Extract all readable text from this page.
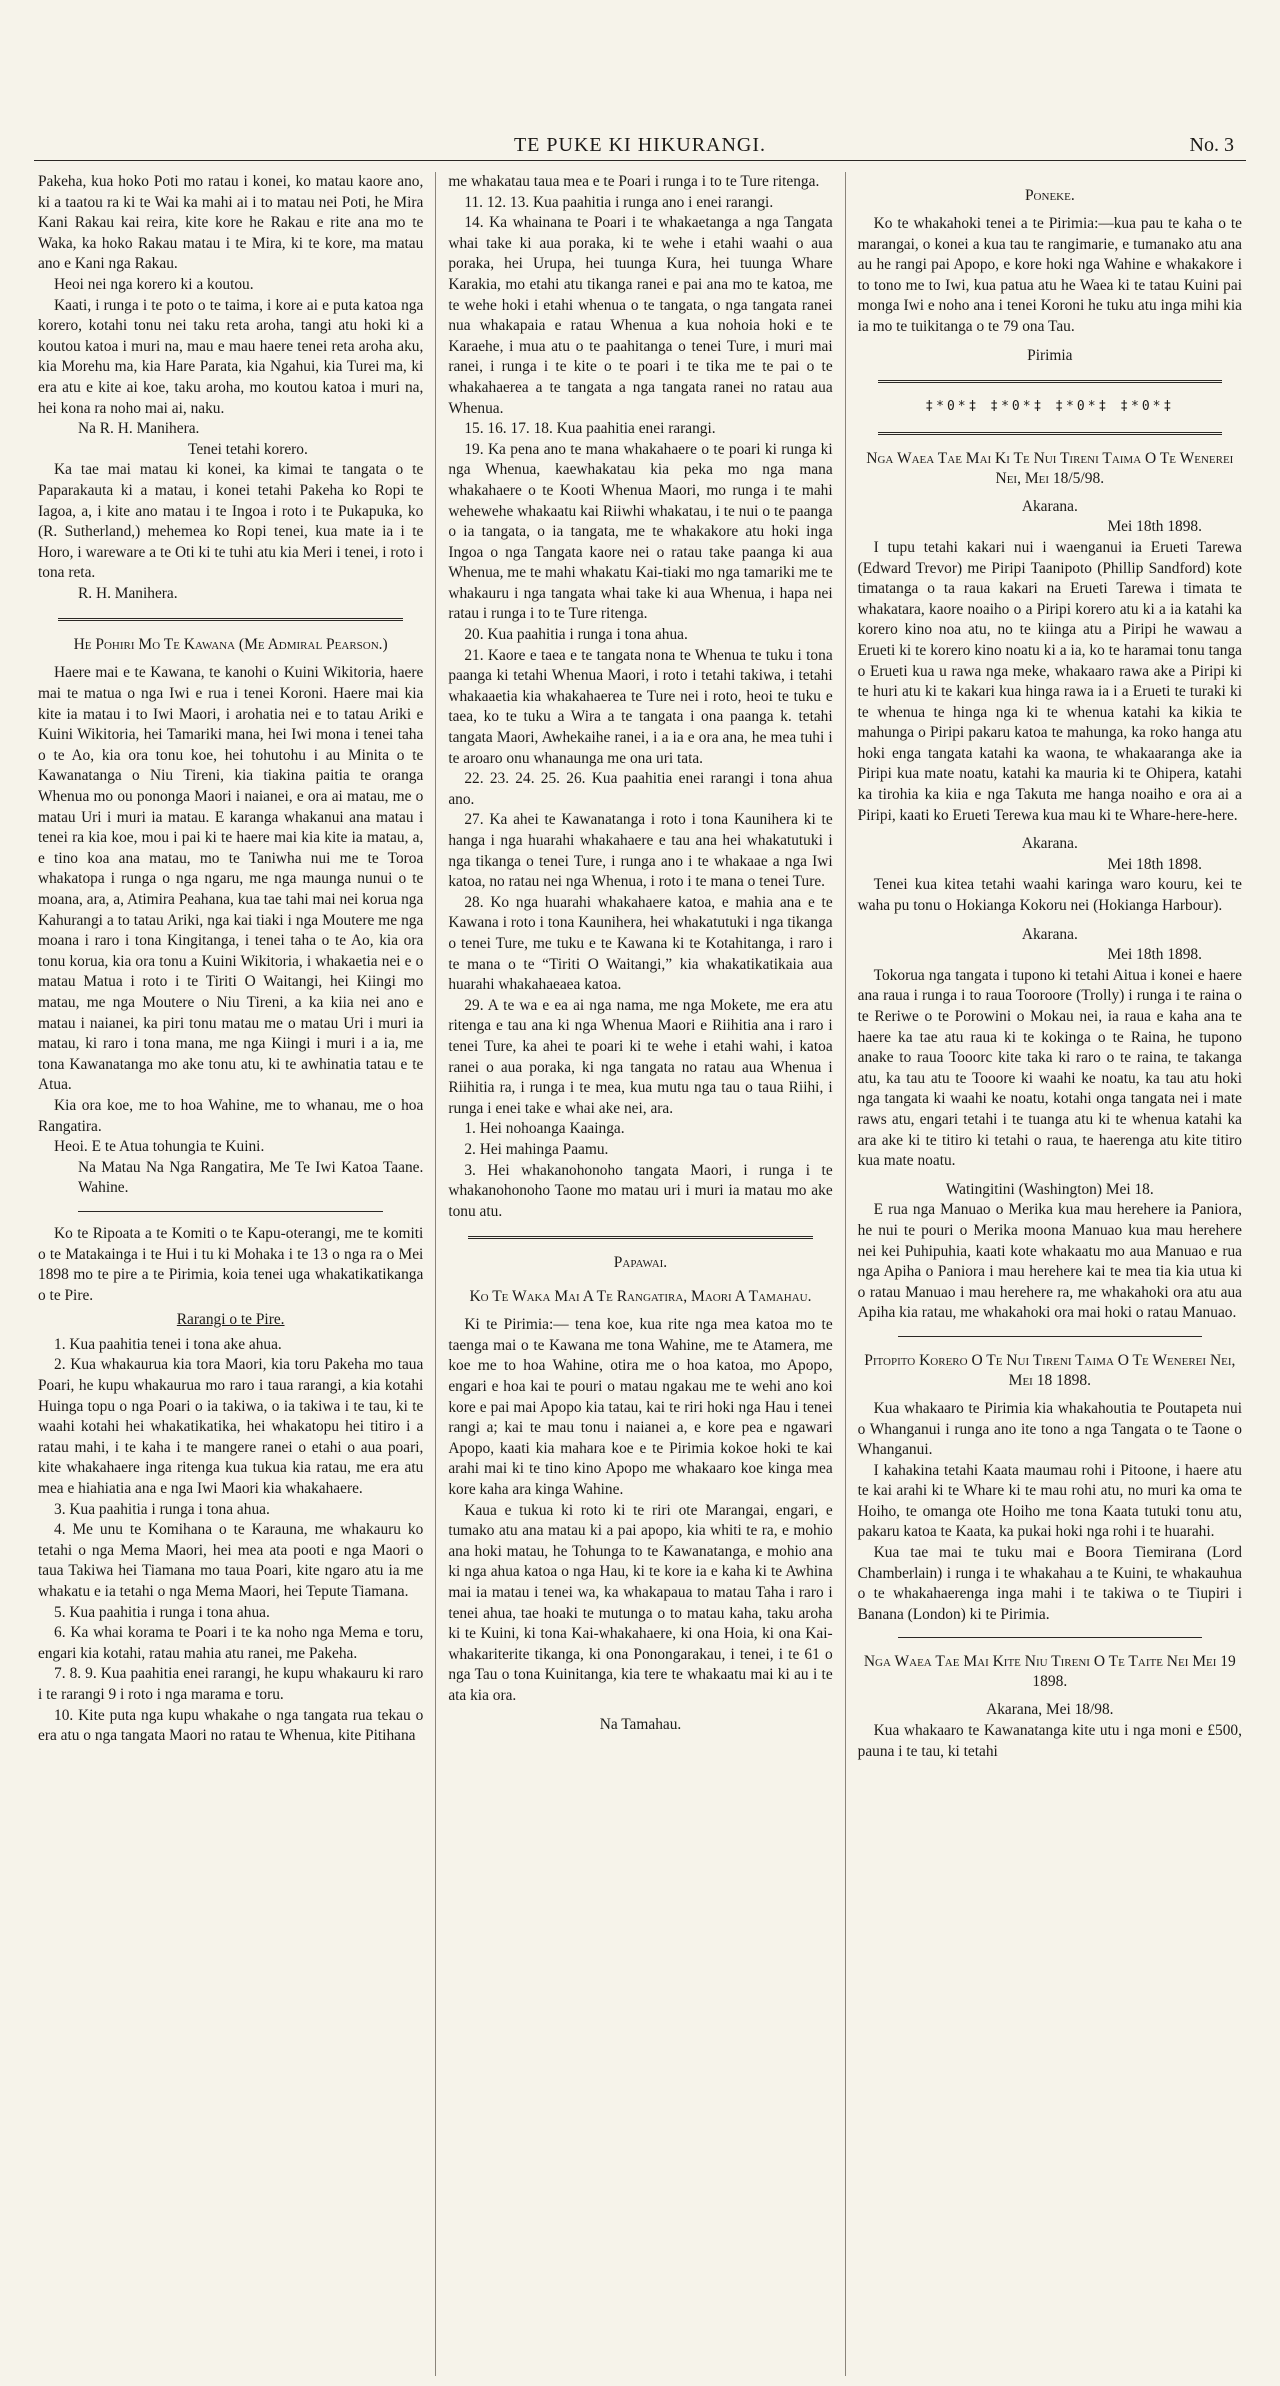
TE PUKE KI HIKURANGI.	No. 3

Pakeha, kua hoko Poti mo ratau i konei, ko matau kaore ano, ki a taatou ra ki te Wai ka mahi ai i to matau nei Poti, he Mira Kani Rakau kai reira, kite kore he Rakau e rite ana mo te Waka, ka hoko Rakau matau i te Mira, ki te kore, ma matau ano e Kani nga Rakau.

Heoi nei nga korero ki a koutou.

Kaati, i runga i te poto o te taima, i kore ai e puta katoa nga korero, kotahi tonu nei taku reta aroha, tangi atu hoki ki a koutou katoa i muri na, mau e mau haere tenei reta aroha aku, kia Morehu ma, kia Hare Parata, kia Ngahui, kia Turei ma, ki era atu e kite ai koe, taku aroha, mo koutou katoa i muri na, hei kona ra noho mai ai, naku.

Na R. H. Manihera.

Tenei tetahi korero.

Ka tae mai matau ki konei, ka kimai te tangata o te Paparakauta ki a matau, i konei tetahi Pakeha ko Ropi te Iagoa, a, i kite ano matau i te Ingoa i roto i te Pukapuka, ko (R. Sutherland,) mehemea ko Ropi tenei, kua mate ia i te Horo, i wareware a te Oti ki te tuhi atu kia Meri i tenei, i roto i tona reta.

R. H. Manihera.

He Pohiri Mo Te Kawana (Me Admiral Pearson.)

Haere mai e te Kawana, te kanohi o Kuini Wikitoria, haere mai te matua o nga Iwi e rua i tenei Koroni. Haere mai kia kite ia matau i to Iwi Maori, i arohatia nei e to tatau Ariki e Kuini Wikitoria, hei Tamariki mana, hei Iwi mona i tenei taha o te Ao, kia ora tonu koe, hei tohutohu i au Minita o te Kawanatanga o Niu Tireni, kia tiakina paitia te oranga Whenua mo ou pononga Maori i naianei, e ora ai matau, me o matau Uri i muri ia matau. E karanga whakanui ana matau i tenei ra kia koe, mou i pai ki te haere mai kia kite ia matau, a, e tino koa ana matau, mo te Taniwha nui me te Toroa whakatopa i runga o nga ngaru, me nga maunga nunui o te moana, ara, a, Atimira Peahana, kua tae tahi mai nei korua nga Kahurangi a to tatau Ariki, nga kai tiaki i nga Moutere me nga moana i raro i tona Kingitanga, i tenei taha o te Ao, kia ora tonu korua, kia ora tonu a Kuini Wikitoria, i whakaetia nei e o matau Matua i roto i te Tiriti O Waitangi, hei Kiingi mo matau, me nga Moutere o Niu Tireni, a ka kiia nei ano e matau i naianei, ka piri tonu matau me o matau Uri i muri ia matau, ki raro i tona mana, me nga Kiingi i muri i a ia, me tona Kawanatanga mo ake tonu atu, ki te awhinatia tatau e te Atua.

Kia ora koe, me to hoa Wahine, me to whanau, me o hoa Rangatira.

Heoi. E te Atua tohungia te Kuini.

Na Matau Na Nga Rangatira, Me Te Iwi Katoa Taane. Wahine.

Ko te Ripoata a te Komiti o te Kapu-oterangi, me te komiti o te Matakainga i te Hui i tu ki Mohaka i te 13 o nga ra o Mei 1898 mo te pire a te Pirimia, koia tenei uga whakatikatikanga o te Pire.

Rarangi o te Pire.

1. Kua paahitia tenei i tona ake ahua.

2. Kua whakaurua kia tora Maori, kia toru Pakeha mo taua Poari, he kupu whakaurua mo raro i taua rarangi, a kia kotahi Huinga topu o nga Poari o ia takiwa, o ia takiwa i te tau, ki te waahi kotahi hei whakatikatika, hei whakatopu hei titiro i a ratau mahi, i te kaha i te mangere ranei o etahi o aua poari, kite whakahaere inga ritenga kua tukua kia ratau, me era atu mea e hiahiatia ana e nga Iwi Maori kia whakahaere.

3. Kua paahitia i runga i tona ahua.

4. Me unu te Komihana o te Karauna, me whakauru ko tetahi o nga Mema Maori, hei mea ata pooti e nga Maori o taua Takiwa hei Tiamana mo taua Poari, kite ngaro atu ia me whakatu e ia tetahi o nga Mema Maori, hei Tepute Tiamana.

5. Kua paahitia i runga i tona ahua.

6. Ka whai korama te Poari i te ka noho nga Mema e toru, engari kia kotahi, ratau mahia atu ranei, me Pakeha.

7. 8. 9. Kua paahitia enei rarangi, he kupu whakauru ki raro i te rarangi 9 i roto i nga marama e toru.

10. Kite puta nga kupu whakahe o nga tangata rua tekau o era atu o nga tangata Maori no ratau te Whenua, kite Pitihana

me whakatau taua mea e te Poari i runga i to te Ture ritenga.

11. 12. 13. Kua paahitia i runga ano i enei rarangi.

14. Ka whainana te Poari i te whakaetanga a nga Tangata whai take ki aua poraka, ki te wehe i etahi waahi o aua poraka, hei Urupa, hei tuunga Kura, hei tuunga Whare Karakia, mo etahi atu tikanga ranei e pai ana mo te katoa, me te wehe hoki i etahi whenua o te tangata, o nga tangata ranei nua whakapaia e ratau Whenua a kua nohoia hoki e te Karaehe, i mua atu o te paahitanga o tenei Ture, i muri mai ranei, i runga i te kite o te poari i te tika me te pai o te whakahaerea a te tangata a nga tangata ranei no ratau aua Whenua.

15. 16. 17. 18. Kua paahitia enei rarangi.

19. Ka pena ano te mana whakahaere o te poari ki runga ki nga Whenua, kaewhakatau kia peka mo nga mana whakahaere o te Kooti Whenua Maori, mo runga i te mahi wehewehe whakaatu kai Riiwhi whakatau, i te nui o te paanga o ia tangata, o ia tangata, me te whakakore atu hoki inga Ingoa o nga Tangata kaore nei o ratau take paanga ki aua Whenua, me te mahi whakatu Kai-tiaki mo nga tamariki me te whakauru i nga tangata whai take ki aua Whenua, i hapa nei ratau i runga i to te Ture ritenga.

20. Kua paahitia i runga i tona ahua.

21. Kaore e taea e te tangata nona te Whenua te tuku i tona paanga ki tetahi Whenua Maori, i roto i tetahi takiwa, i tetahi whakaaetia kia whakahaerea te Ture nei i roto, heoi te tuku e taea, ko te tuku a Wira a te tangata i ona paanga k. tetahi tangata Maori, Awhekaihe ranei, i a ia e ora ana, he mea tuhi i te aroaro onu whanaunga me ona uri tata.

22. 23. 24. 25. 26. Kua paahitia enei rarangi i tona ahua ano.

27. Ka ahei te Kawanatanga i roto i tona Kaunihera ki te hanga i nga huarahi whakahaere e tau ana hei whakatutuki i nga tikanga o tenei Ture, i runga ano i te whakaae a nga Iwi katoa, no ratau nei nga Whenua, i roto i te mana o tenei Ture.

28. Ko nga huarahi whakahaere katoa, e mahia ana e te Kawana i roto i tona Kaunihera, hei whakatutuki i nga tikanga o tenei Ture, me tuku e te Kawana ki te Kotahitanga, i raro i te mana o te “Tiriti O Waitangi,” kia whakatikatikaia aua huarahi whakahaeaea katoa.

29. A te wa e ea ai nga nama, me nga Mokete, me era atu ritenga e tau ana ki nga Whenua Maori e Riihitia ana i raro i tenei Ture, ka ahei te poari ki te wehe i etahi wahi, i katoa ranei o aua poraka, ki nga tangata no ratau aua Whenua i Riihitia ra, i runga i te mea, kua mutu nga tau o taua Riihi, i runga i enei take e whai ake nei, ara.

1. Hei nohoanga Kaainga.

2. Hei mahinga Paamu.

3. Hei whakanohonoho tangata Maori, i runga i te whakanohonoho Taone mo matau uri i muri ia matau mo ake tonu atu.

Papawai.

Ko Te Waka Mai A Te Rangatira, Maori A Tamahau.

Ki te Pirimia:— tena koe, kua rite nga mea katoa mo te taenga mai o te Kawana me tona Wahine, me te Atamera, me koe me to hoa Wahine, otira me o hoa katoa, mo Apopo, engari e hoa kai te pouri o matau ngakau me te wehi ano koi kore e pai mai Apopo kia tatau, kai te riri hoki nga Hau i tenei rangi a; kai te mau tonu i naianei a, e kore pea e ngawari Apopo, kaati kia mahara koe e te Pirimia kokoe hoki te kai arahi mai ki te tino kino Apopo me whakaaro koe kinga mea kore kaha ara kinga Wahine.

Kaua e tukua ki roto ki te riri ote Marangai, engari, e tumako atu ana matau ki a pai apopo, kia whiti te ra, e mohio ana hoki matau, he Tohunga to te Kawanatanga, e mohio ana ki nga ahua katoa o nga Hau, ki te kore ia e kaha ki te Awhina mai ia matau i tenei wa, ka whakapaua to matau Taha i raro i tenei ahua, tae hoaki te mutunga o to matau kaha, taku aroha ki te Kuini, ki tona Kai-whakahaere, ki ona Hoia, ki ona Kai-whakariterite tikanga, ki ona Ponongarakau, i tenei, i te 61 o nga Tau o tona Kuinitanga, kia tere te whakaatu mai ki au i te ata kia ora.

Na Tamahau.

Poneke.

Ko te whakahoki tenei a te Pirimia:—kua pau te kaha o te marangai, o konei a kua tau te rangimarie, e tumanako atu ana au he rangi pai Apopo, e kore hoki nga Wahine e whakakore i to tono me to Iwi, kua patua atu he Waea ki te tatau Kuini pai monga Iwi e noho ana i tenei Koroni he tuku atu inga mihi kia ia mo te tuikitanga o te 79 ona Tau.

Pirimia

‡*0*‡ ‡*0*‡ ‡*0*‡ ‡*0*‡

Nga Waea Tae Mai Ki Te Nui Tireni Taima O Te Wenerei Nei, Mei 18/5/98.

Akarana.

Mei 18th 1898.

I tupu tetahi kakari nui i waenganui ia Erueti Tarewa (Edward Trevor) me Piripi Taanipoto (Phillip Sandford) kote timatanga o ta raua kakari na Erueti Tarewa i timata te whakatara, kaore noaiho o a Piripi korero atu ki a ia katahi ka korero kino noa atu, no te kiinga atu a Piripi he wawau a Erueti ki te korero kino noatu ki a ia, ko te haramai tonu tanga o Erueti kua u rawa nga meke, whakaaro rawa ake a Piripi ki te huri atu ki te kakari kua hinga rawa ia i a Erueti te turaki ki te whenua te hinga nga ki te whenua katahi ka kikia te mahunga o Piripi pakaru katoa te mahunga, ka roko hanga atu hoki enga tangata katahi ka waona, te whakaaranga ake ia Piripi kua mate noatu, katahi ka mauria ki te Ohipera, katahi ka tirohia ka kiia e nga Takuta me hanga noaiho e ora ai a Piripi, kaati ko Erueti Terewa kua mau ki te Whare-here-here.

Akarana.

Mei 18th 1898.

Tenei kua kitea tetahi waahi karinga waro kouru, kei te waha pu tonu o Hokianga Kokoru nei (Hokianga Harbour).

Akarana.

Mei 18th 1898.

Tokorua nga tangata i tupono ki tetahi Aitua i konei e haere ana raua i runga i to raua Tooroore (Trolly) i runga i te raina o te Reriwe o te Porowini o Mokau nei, ia raua e kaha ana te haere ka tae atu raua ki te kokinga o te Raina, he tupono anake to raua Tooorc kite taka ki raro o te raina, te takanga atu, ka tau atu te Tooore ki waahi ke noatu, ka tau atu hoki nga tangata ki waahi ke noatu, kotahi onga tangata nei i mate raws atu, engari tetahi i te tuanga atu ki te whenua katahi ka ara ake ki te titiro ki tetahi o raua, te haerenga atu kite titiro kua mate noatu.

Watingitini (Washington) Mei 18.

E rua nga Manuao o Merika kua mau herehere ia Paniora, he nui te pouri o Merika moona Manuao kua mau herehere nei kei Puhipuhia, kaati kote whakaatu mo aua Manuao e rua nga Apiha o Paniora i mau herehere kai te mea tia kia utua ki o ratau Manuao i mau herehere ra, me whakahoki ora atu aua Apiha kia ratau, me whakahoki ora mai hoki o ratau Manuao.

Pitopito Korero O Te Nui Tireni Taima O Te Wenerei Nei, Mei 18 1898.

Kua whakaaro te Pirimia kia whakahoutia te Poutapeta nui o Whanganui i runga ano ite tono a nga Tangata o te Taone o Whanganui.

I kahakina tetahi Kaata maumau rohi i Pitoone, i haere atu te kai arahi ki te Whare ki te mau rohi atu, no muri ka oma te Hoiho, te omanga ote Hoiho me tona Kaata tutuki tonu atu, pakaru katoa te Kaata, ka pukai hoki nga rohi i te huarahi.

Kua tae mai te tuku mai e Boora Tiemirana (Lord Chamberlain) i runga i te whakahau a te Kuini, te whakauhua o te whakahaerenga inga mahi i te takiwa o te Tiupiri i Banana (London) ki te Pirimia.

Nga Waea Tae Mai Kite Niu Tireni O Te Taite Nei Mei 19 1898.

Akarana, Mei 18/98.

Kua whakaaro te Kawanatanga kite utu i nga moni e £500, pauna i te tau, ki tetahi
